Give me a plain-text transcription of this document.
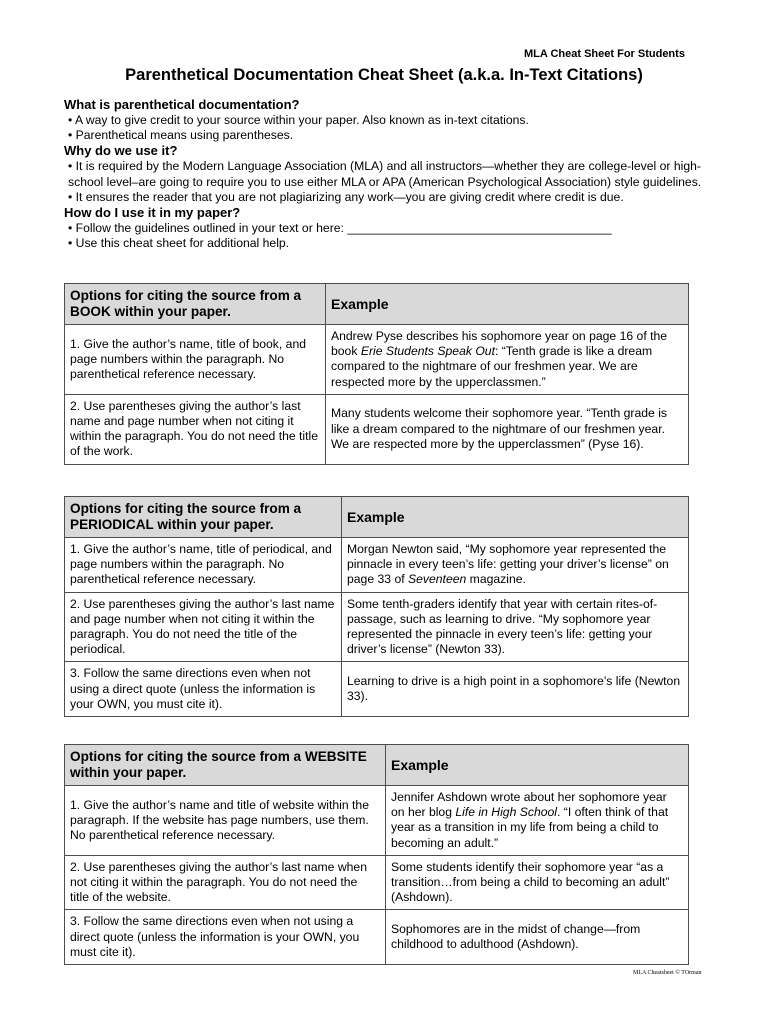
MLA Cheat Sheet For Students
Parenthetical Documentation Cheat Sheet (a.k.a. In-Text Citations)
What is parenthetical documentation?
• A way to give credit to your source within your paper. Also known as in-text citations.
• Parenthetical means using parentheses.
Why do we use it?
• It is required by the Modern Language Association (MLA) and all instructors—whether they are college-level or high-school level–are going to require you to use either MLA or APA (American Psychological Association) style guidelines.
• It ensures the reader that you are not plagiarizing any work—you are giving credit where credit is due.
How do I use it in my paper?
• Follow the guidelines outlined in your text or here: _______________________________________
• Use this cheat sheet for additional help.
Options for citing the source from a BOOK within your paper.	Example
1. Give the author’s name, title of book, and page numbers within the paragraph. No parenthetical reference necessary.	Andrew Pyse describes his sophomore year on page 16 of the book Erie Students Speak Out: “Tenth grade is like a dream compared to the nightmare of our freshmen year. We are respected more by the upperclassmen.”
2. Use parentheses giving the author’s last name and page number when not citing it within the paragraph. You do not need the title of the work.	Many students welcome their sophomore year. “Tenth grade is like a dream compared to the nightmare of our freshmen year. We are respected more by the upperclassmen” (Pyse 16).
Options for citing the source from a PERIODICAL within your paper.	Example
1. Give the author’s name, title of periodical, and page numbers within the paragraph. No parenthetical reference necessary.	Morgan Newton said, “My sophomore year represented the pinnacle in every teen’s life: getting your driver’s license” on page 33 of Seventeen magazine.
2. Use parentheses giving the author’s last name and page number when not citing it within the paragraph. You do not need the title of the periodical.	Some tenth-graders identify that year with certain rites-of-passage, such as learning to drive. “My sophomore year represented the pinnacle in every teen’s life: getting your driver’s license” (Newton 33).
3. Follow the same directions even when not using a direct quote (unless the information is your OWN, you must cite it).	Learning to drive is a high point in a sophomore’s life (Newton 33).
Options for citing the source from a WEBSITE within your paper.	Example
1. Give the author’s name and title of website within the paragraph. If the website has page numbers, use them. No parenthetical reference necessary.	Jennifer Ashdown wrote about her sophomore year on her blog Life in High School. “I often think of that year as a transition in my life from being a child to becoming an adult.”
2. Use parentheses giving the author’s last name when not citing it within the paragraph. You do not need the title of the website.	Some students identify their sophomore year “as a transition…from being a child to becoming an adult” (Ashdown).
3. Follow the same directions even when not using a direct quote (unless the information is your OWN, you must cite it).	Sophomores are in the midst of change—from childhood to adulthood (Ashdown).
MLA Cheatsheet © TOrman
